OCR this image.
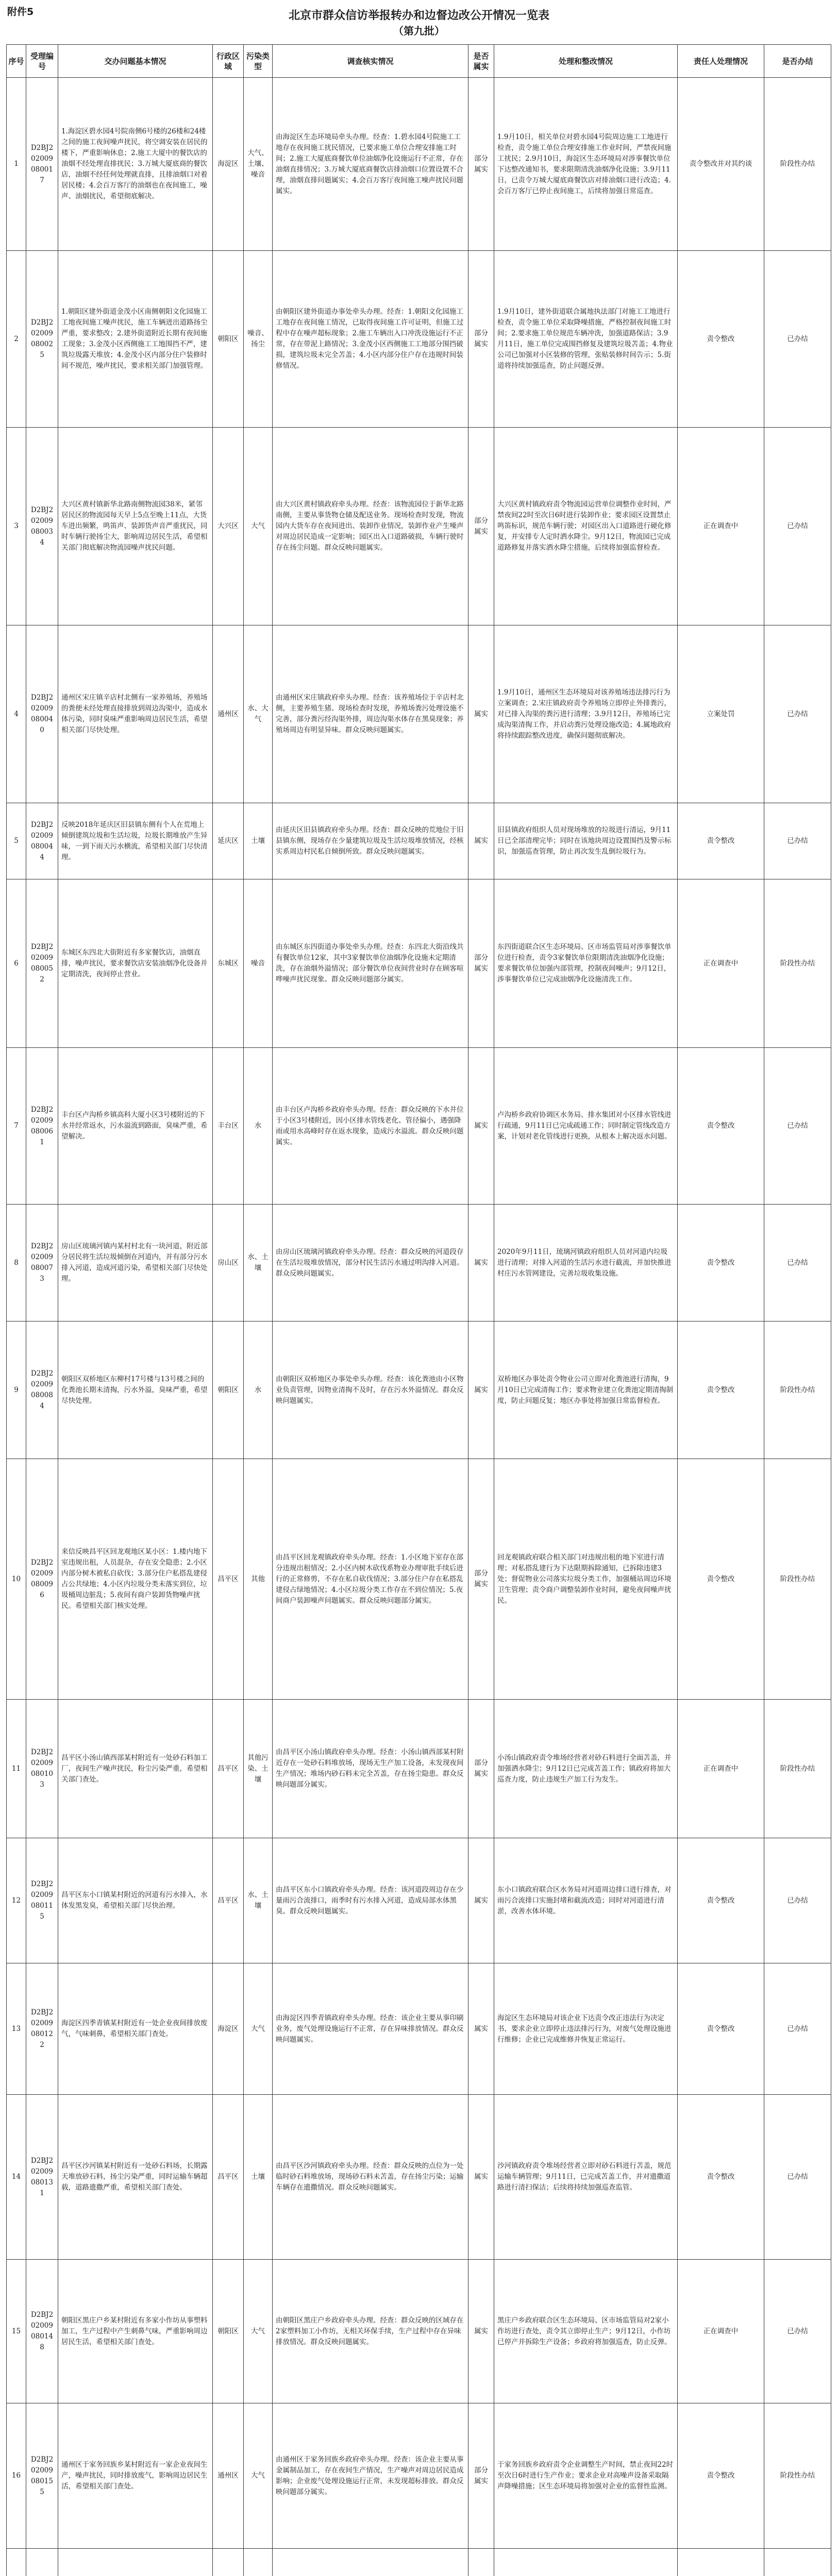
附件5	北京市群众信访举报转办和边督边改公开情况一览表
（第九批）
序号	受理编号	交办问题基本情况	行政区域	污染类型	调查核实情况	是否属实	处理和整改情况	责任人处理情况	是否办结
1	D2BJ202009080017	1.海淀区碧水园4号院南侧6号楼的26楼和24楼之间的施工夜间噪声扰民，将空调安装在居民的楼下，严重影响休息；2.施工大厦中的餐饮店的油烟不经处理直排扰民；3.万城大厦底商的餐饮店，油烟不经任何处理就直排，且排油烟口对着居民楼；4.会百万客厅的油烟也在夜间施工，噪声、油烟扰民，希望彻底解决。	海淀区	大气、土壤、噪音	由海淀区生态环境局牵头办理。经查：1.碧水园4号院施工工地存在夜间施工扰民情况，已要求施工单位合理安排施工时间；2.施工大厦底商餐饮单位油烟净化设施运行不正常，存在油烟直排情况；3.万城大厦底商餐饮店排油烟口位置设置不合理，油烟直排问题属实；4.会百万客厅夜间施工噪声扰民问题属实。	部分属实	1.9月10日，相关单位对碧水园4号院周边施工工地进行检查，责令施工单位合理安排施工作业时间，严禁夜间施工扰民；2.9月10日，海淀区生态环境局对涉事餐饮单位下达整改通知书，要求限期清洗油烟净化设施；3.9月11日，已责令万城大厦底商餐饮店对排油烟口进行改造；4.会百万客厅已停止夜间施工，后续将加强日常巡查。	责令整改并对其约谈	阶段性办结
2	D2BJ202009080025	1.朝阳区建外街道金茂小区南侧朝阳文化园施工工地夜间施工噪声扰民，施工车辆进出道路扬尘严重，要求整改；2.建外街道附近长期有夜间施工现象；3.金茂小区西侧施工工地围挡不严，建筑垃圾露天堆放；4.金茂小区内部分住户装修时间不规范，噪声扰民，要求相关部门加强管理。	朝阳区	噪音、扬尘	由朝阳区建外街道办事处牵头办理。经查：1.朝阳文化园施工工地存在夜间施工情况，已取得夜间施工许可证明，但施工过程中存在噪声超标现象；2.施工车辆出入口冲洗设施运行不正常，存在带泥上路情况；3.金茂小区西侧施工工地部分围挡破损，建筑垃圾未完全苫盖；4.小区内部分住户存在违规时间装修情况。	部分属实	1.9月10日，建外街道联合属地执法部门对施工工地进行检查，责令施工单位采取降噪措施，严格控制夜间施工时间；2.要求施工单位规范车辆冲洗，加强道路保洁；3.9月11日，施工单位完成围挡修复及建筑垃圾苫盖；4.物业公司已加强对小区装修的管理，张贴装修时间告示；5.街道将持续加强巡查，防止问题反弹。	责令整改	已办结
3	D2BJ202009080034	大兴区黄村镇新华北路南侧物流园38米，紧邻居民区的物流园每天早上5点至晚上11点，大货车进出频繁，鸣笛声、装卸货声音严重扰民，同时车辆行驶扬尘大，影响周边居民生活，希望相关部门彻底解决物流园噪声扰民问题。	大兴区	大气	由大兴区黄村镇政府牵头办理。经查：该物流园位于新华北路南侧，主要从事货物仓储及配送业务。现场检查时发现，物流园内大货车存在夜间进出、装卸作业情况，装卸作业产生噪声对周边居民造成一定影响；园区出入口道路破损，车辆行驶时存在扬尘问题。群众反映问题属实。	部分属实	大兴区黄村镇政府责令物流园运营单位调整作业时间，严禁夜间22时至次日6时进行装卸作业；要求园区设置禁止鸣笛标识，规范车辆行驶；对园区出入口道路进行硬化修复，并安排专人定时洒水降尘。9月12日，物流园已完成道路修复并落实洒水降尘措施，后续将加强监督检查。	正在调查中	已办结
4	D2BJ202009080040	通州区宋庄镇辛店村北侧有一家养殖场，养殖场的粪便未经处理直接排放到周边沟渠中，造成水体污染，同时臭味严重影响周边居民生活，希望相关部门尽快处理。	通州区	水、大气	由通州区宋庄镇政府牵头办理。经查：该养殖场位于辛店村北侧，主要养殖生猪。现场检查时发现，养殖场粪污处理设施不完善，部分粪污经沟渠外排，周边沟渠水体存在黑臭现象；养殖场周边有明显异味。群众反映问题属实。	属实	1.9月10日，通州区生态环境局对该养殖场违法排污行为立案调查；2.宋庄镇政府责令养殖场立即停止外排粪污，对已排入沟渠的粪污进行清理；3.9月12日，养殖场已完成沟渠清掏工作，并启动粪污处理设施改造；4.属地政府将持续跟踪整改进度，确保问题彻底解决。	立案处罚	已办结
5	D2BJ202009080044	反映2018年延庆区旧县镇东侧有个人在荒地上倾倒建筑垃圾和生活垃圾，垃圾长期堆放产生异味，一到下雨天污水横流，希望相关部门尽快清理。	延庆区	土壤	由延庆区旧县镇政府牵头办理。经查：群众反映的荒地位于旧县镇东侧，现场存在少量建筑垃圾及生活垃圾堆放情况，经核实系周边村民私自倾倒所致。群众反映问题属实。	属实	旧县镇政府组织人员对现场堆放的垃圾进行清运，9月11日已全部清理完毕；同时在该地块周边设置围挡及警示标识，加强巡查管理，防止再次发生乱倒垃圾行为。	责令整改	已办结
6	D2BJ202009080052	东城区东四北大街附近有多家餐饮店，油烟直排，噪声扰民，要求餐饮店安装油烟净化设备并定期清洗，夜间停止营业。	东城区	噪音	由东城区东四街道办事处牵头办理。经查：东四北大街沿线共有餐饮单位12家，其中3家餐饮单位油烟净化设施未定期清洗，存在油烟外溢情况；部分餐饮单位夜间营业时存在顾客喧哗噪声扰民现象。群众反映问题部分属实。	部分属实	东四街道联合区生态环境局、区市场监管局对涉事餐饮单位进行检查，责令3家餐饮单位限期清洗油烟净化设施；要求餐饮单位加强内部管理，控制夜间噪声；9月12日，涉事餐饮单位已完成油烟净化设施清洗工作。	正在调查中	阶段性办结
7	D2BJ202009080061	丰台区卢沟桥乡镇高科大厦小区3号楼附近的下水井经常返水，污水溢流到路面，臭味严重，希望解决。	丰台区	水	由丰台区卢沟桥乡政府牵头办理。经查：群众反映的下水井位于小区3号楼附近，因小区排水管线老化、管径偏小，遇强降雨或用水高峰时存在返水现象，造成污水溢流。群众反映问题属实。	属实	卢沟桥乡政府协调区水务局、排水集团对小区排水管线进行疏通，9月11日已完成疏通工作；同时制定管线改造方案，计划对老化管线进行更换，从根本上解决返水问题。	责令整改	已办结
8	D2BJ202009080073	房山区琉璃河镇内某村村北有一块河道，附近部分居民将生活垃圾倾倒在河道内，并有部分污水排入河道，造成河道污染，希望相关部门尽快处理。	房山区	水、土壤	由房山区琉璃河镇政府牵头办理。经查：群众反映的河道段存在生活垃圾堆放情况，部分村民生活污水通过明沟排入河道。群众反映问题属实。	属实	2020年9月11日，琉璃河镇政府组织人员对河道内垃圾进行清理；对排入河道的生活污水进行截流，并加快推进村庄污水管网建设，完善垃圾收集设施。	责令整改	已办结
9	D2BJ202009080084	朝阳区双桥地区东柳村17号楼与13号楼之间的化粪池长期未清掏，污水外溢，臭味严重，希望尽快处理。	朝阳区	水	由朝阳区双桥地区办事处牵头办理。经查：该化粪池由小区物业负责管理，因物业清掏不及时，存在污水外溢情况。群众反映问题属实。	属实	双桥地区办事处责令物业公司立即对化粪池进行清掏，9月10日已完成清掏工作；要求物业建立化粪池定期清掏制度，防止问题反复；地区办事处将加强日常监督检查。	责令整改	阶段性办结
10	D2BJ202009080096	来信反映昌平区回龙观地区某小区：1.楼内地下室违规出租，人员混杂，存在安全隐患；2.小区内部分树木被私自砍伐；3.部分住户私搭乱建侵占公共绿地；4.小区内垃圾分类未落实到位，垃圾桶周边脏乱；5.夜间有商户装卸货物噪声扰民。希望相关部门核实处理。	昌平区	其他	由昌平区回龙观镇政府牵头办理。经查：1.小区地下室存在部分违规出租情况；2.小区内树木砍伐系物业办理审批手续后进行的正常修剪，不存在私自砍伐情况；3.部分住户存在私搭乱建侵占绿地情况；4.小区垃圾分类工作存在不到位情况；5.夜间商户装卸噪声问题属实。群众反映问题部分属实。	部分属实	回龙观镇政府联合相关部门对违规出租的地下室进行清理；对私搭乱建行为下达限期拆除通知，已拆除违建3处；督促物业公司落实垃圾分类工作，加强桶站周边环境卫生管理；责令商户调整装卸作业时间，避免夜间噪声扰民。	责令整改	阶段性办结
11	D2BJ202009080103	昌平区小汤山镇西部某村附近有一处砂石料加工厂，夜间生产噪声扰民，粉尘污染严重，希望相关部门查处。	昌平区	其他污染、土壤	由昌平区小汤山镇政府牵头办理。经查：小汤山镇西部某村附近存在一处砂石料堆放场，现场无生产加工设备，未发现夜间生产情况；堆场内砂石料未完全苫盖，存在扬尘隐患。群众反映问题部分属实。	部分属实	小汤山镇政府责令堆场经营者对砂石料进行全面苫盖，并加强洒水降尘；9月12日已完成苫盖工作；镇政府将加大巡查力度，防止违规生产加工行为发生。	正在调查中	阶段性办结
12	D2BJ202009080115	昌平区东小口镇某村附近的河道有污水排入，水体发黑发臭，希望相关部门尽快治理。	昌平区	水、土壤	由昌平区东小口镇政府牵头办理。经查：该河道段周边存在少量雨污合流排口，雨季时有污水排入河道，造成局部水体黑臭。群众反映问题属实。	属实	东小口镇政府联合区水务局对河道周边排口进行排查，对雨污合流排口实施封堵和截流改造；同时对河道进行清淤，改善水体环境。	责令整改	已办结
13	D2BJ202009080122	海淀区四季青镇某村附近有一处企业夜间排放废气，气味刺鼻，希望相关部门查处。	海淀区	大气	由海淀区四季青镇政府牵头办理。经查：该企业主要从事印刷业务，废气处理设施运行不正常，存在异味排放情况。群众反映问题属实。	属实	海淀区生态环境局对该企业下达责令改正违法行为决定书，要求企业立即停止违法排污行为，对废气处理设施进行维修；企业已完成维修并恢复正常运行。	责令整改	已办结
14	D2BJ202009080131	昌平区沙河镇某村附近有一处砂石料场，长期露天堆放砂石料，扬尘污染严重，同时运输车辆超载，道路遗撒严重，希望相关部门查处。	昌平区	土壤	由昌平区沙河镇政府牵头办理。经查：群众反映的点位为一处临时砂石料堆放场，现场砂石料未苫盖，存在扬尘污染；运输车辆存在遗撒情况。群众反映问题属实。	属实	沙河镇政府责令堆场经营者立即对砂石料进行苫盖，规范运输车辆管理；9月11日，已完成苫盖工作，并对遗撒道路进行清扫保洁；后续将持续加强巡查监管。	责令整改	已办结
15	D2BJ202009080148	朝阳区黑庄户乡某村附近有多家小作坊从事塑料加工，生产过程中产生刺鼻气味，严重影响周边居民生活，希望相关部门查处。	朝阳区	大气	由朝阳区黑庄户乡政府牵头办理。经查：群众反映的区域存在2家塑料加工小作坊，无相关环保手续，生产过程中存在异味排放情况。群众反映问题属实。	属实	黑庄户乡政府联合区生态环境局、区市场监管局对2家小作坊进行查处，责令其立即停止生产；9月12日，小作坊已停产并拆除生产设备；乡政府将加强巡查，防止反弹。	正在调查中	已办结
16	D2BJ202009080155	通州区于家务回族乡某村附近有一家企业夜间生产，噪声扰民，同时排放废气，影响周边居民生活，希望相关部门查处。	通州区	大气	由通州区于家务回族乡政府牵头办理。经查：该企业主要从事金属制品加工，存在夜间生产情况，生产噪声对周边居民造成影响；企业废气处理设施运行正常，未发现超标排放。群众反映问题部分属实。	部分属实	于家务回族乡政府责令企业调整生产时间，禁止夜间22时至次日6时进行生产作业；要求企业对高噪声设备采取隔声降噪措施；区生态环境局将加强对企业的监督性监测。	责令整改	阶段性办结
